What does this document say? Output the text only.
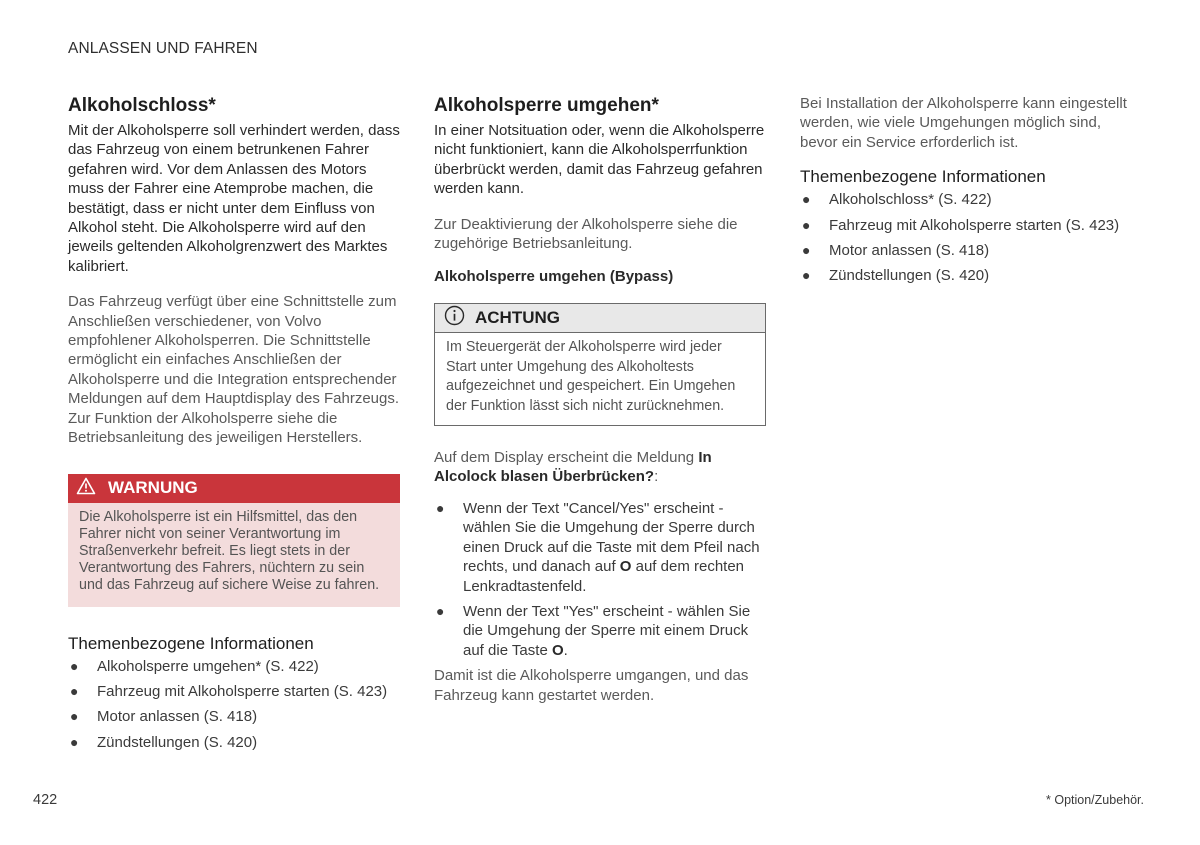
ANLASSEN UND FAHREN
Alkoholschloss*

Mit der Alkoholsperre soll verhindert werden, dass das Fahrzeug von einem betrunkenen Fahrer gefahren wird. Vor dem Anlassen des Motors muss der Fahrer eine Atemprobe machen, die bestätigt, dass er nicht unter dem Einfluss von Alkohol steht. Die Alkoholsperre wird auf den jeweils geltenden Alkoholgrenzwert des Marktes kalibriert.

Das Fahrzeug verfügt über eine Schnittstelle zum Anschließen verschiedener, von Volvo empfohlener Alkoholsperren. Die Schnittstelle ermöglicht ein einfaches Anschließen der Alkoholsperre und die Integration entsprechender Meldungen auf dem Hauptdisplay des Fahrzeugs. Zur Funktion der Alkoholsperre siehe die Betriebsanleitung des jeweiligen Herstellers.

WARNUNG
Die Alkoholsperre ist ein Hilfsmittel, das den Fahrer nicht von seiner Verantwortung im Straßenverkehr befreit. Es liegt stets in der Verantwortung des Fahrers, nüchtern zu sein und das Fahrzeug auf sichere Weise zu fahren.
Themenbezogene Informationen
● Alkoholsperre umgehen* (S. 422)
● Fahrzeug mit Alkoholsperre starten (S. 423)
● Motor anlassen (S. 418)
● Zündstellungen (S. 420)
Alkoholsperre umgehen*

In einer Notsituation oder, wenn die Alkoholsperre nicht funktioniert, kann die Alkoholsperrfunktion überbrückt werden, damit das Fahrzeug gefahren werden kann.

Zur Deaktivierung der Alkoholsperre siehe die zugehörige Betriebsanleitung.

Alkoholsperre umgehen (Bypass)
ACHTUNG
Im Steuergerät der Alkoholsperre wird jeder Start unter Umgehung des Alkoholtests aufgezeichnet und gespeichert. Ein Umgehen der Funktion lässt sich nicht zurücknehmen.

Auf dem Display erscheint die Meldung In Alcolock blasen Überbrücken?:

● Wenn der Text "Cancel/Yes" erscheint - wählen Sie die Umgehung der Sperre durch einen Druck auf die Taste mit dem Pfeil nach rechts, und danach auf O auf dem rechten Lenkradtastenfeld.
● Wenn der Text "Yes" erscheint - wählen Sie die Umgehung der Sperre mit einem Druck auf die Taste O.

Damit ist die Alkoholsperre umgangen, und das Fahrzeug kann gestartet werden.

Bei Installation der Alkoholsperre kann eingestellt werden, wie viele Umgehungen möglich sind, bevor ein Service erforderlich ist.

Themenbezogene Informationen
● Alkoholschloss* (S. 422)
● Fahrzeug mit Alkoholsperre starten (S. 423)
● Motor anlassen (S. 418)
● Zündstellungen (S. 420)
422	* Option/Zubehör.
